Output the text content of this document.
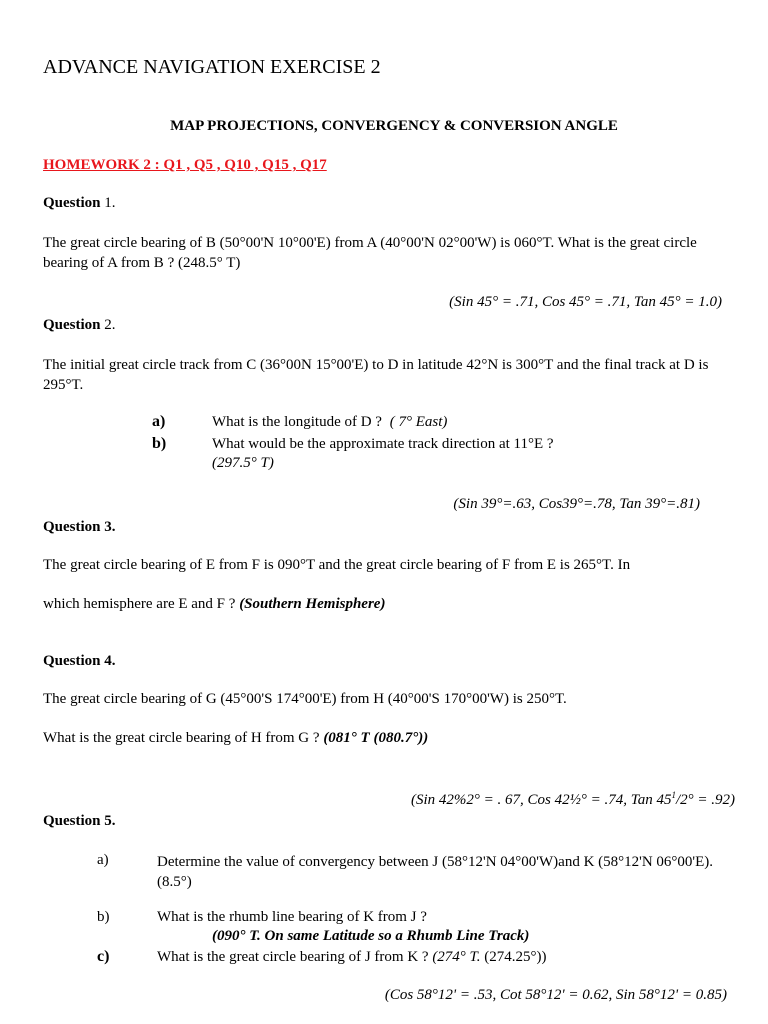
ADVANCE NAVIGATION EXERCISE 2
MAP PROJECTIONS, CONVERGENCY & CONVERSION ANGLE
HOMEWORK 2 : Q1 , Q5 , Q10 , Q15 , Q17
Question 1.
The great circle bearing of B (50°00'N 10°00'E) from A (40°00'N 02°00'W) is 060°T. What is the great circle bearing of A from B ? (248.5° T)
(Sin 45° = .71, Cos 45° = .71, Tan 45° = 1.0)
Question 2.
The initial great circle track from C (36°00N 15°00'E) to D in latitude 42°N is 300°T and the final track at D is 295°T.
a)	What is the longitude of D ? ( 7° East)
b)	What would be the approximate track direction at 11°E ?
(297.5° T)
(Sin 39°=.63, Cos39°=.78, Tan 39°=.81)
Question 3.
The great circle bearing of E from F is 090°T and the great circle bearing of F from E is 265°T. In
which hemisphere are E and F ? (Southern Hemisphere)
Question 4.
The great circle bearing of G (45°00'S 174°00'E) from H (40°00'S 170°00'W) is 250°T.
What is the great circle bearing of H from G ? (081° T (080.7°))
(Sin 42%2° = . 67, Cos 42½° = .74, Tan $45^1/2^\circ = .92$)
Question 5.
a)	Determine the value of convergency between J (58°12'N 04°00'W)and K (58°12'N 06°00'E). (8.5°)
b)	What is the rhumb line bearing of K from J ?
(090° T. On same Latitude so a Rhumb Line Track)
c)	What is the great circle bearing of J from K ? (274° T. (274.25°))
(Cos 58°12' = .53, Cot 58°12' = 0.62, Sin 58°12' = 0.85)
